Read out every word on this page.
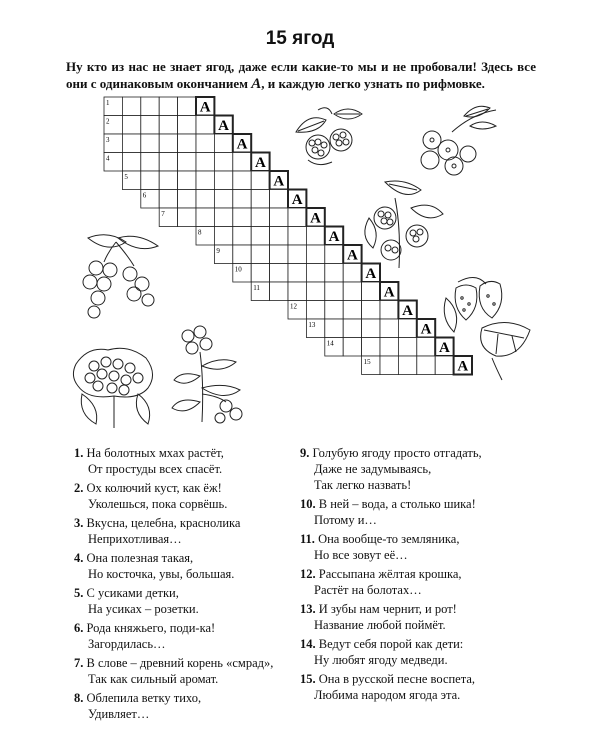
15 ягод
Ну кто из нас не знает ягод, даже если какие-то мы и не пробовали! Здесь все они с одинаковым окончанием А, и каждую легко узнать по рифмовке.
А
1
А
2
А
3
А
4
А
5
А
6
А
7
А
8
А
9
А
10
А
11
А
12
А
13
А
14
А
15
1. На болотных мхах растёт,
От простуды всех спасёт.
2. Ох колючий куст, как ёж!
Уколешься, пока сорвёшь.
3. Вкусна, целебна, краснолика
Неприхотливая…
4. Она полезная такая,
Но косточка, увы, большая.
5. С усиками детки,
На усиках – розетки.
6. Рода княжьего, поди-ка!
Загордилась…
7. В слове – древний корень «смрад»,
Так как сильный аромат.
8. Облепила ветку тихо,
Удивляет…
9. Голубую ягоду просто отгадать,
Даже не задумываясь,
Так легко назвать!
10. В ней – вода, а столько шика!
Потому и…
11. Она вообще-то земляника,
Но все зовут её…
12. Рассыпана жёлтая крошка,
Растёт на болотах…
13. И зубы нам чернит, и рот!
Название любой поймёт.
14. Ведут себя порой как дети:
Ну любят ягоду медведи.
15. Она в русской песне воспета,
Любима народом ягода эта.
